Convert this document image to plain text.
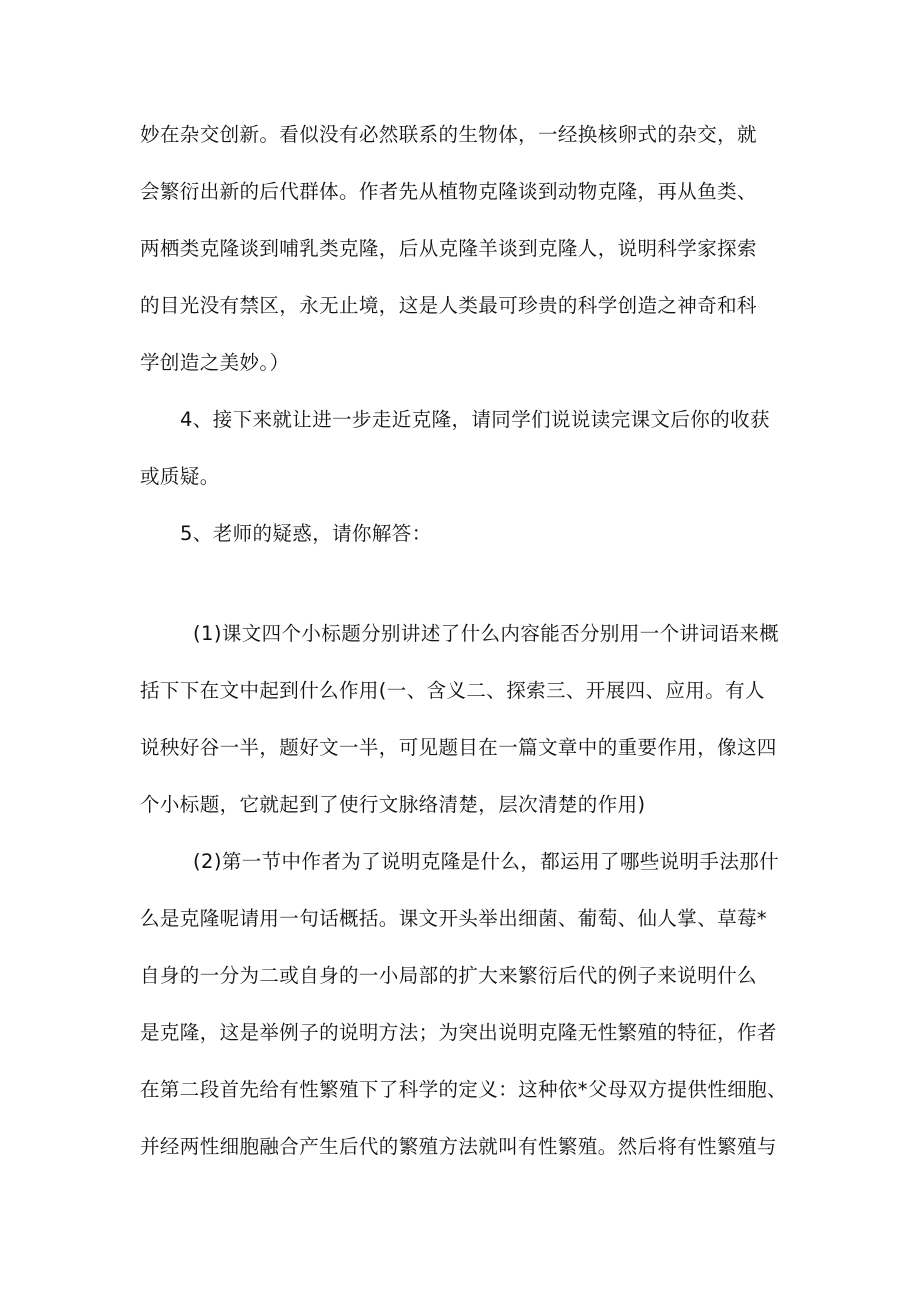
妙在杂交创新。看似没有必然联系的生物体，一经换核卵式的杂交，就
会繁衍出新的后代群体。作者先从植物克隆谈到动物克隆，再从鱼类、
两栖类克隆谈到哺乳类克隆，后从克隆羊谈到克隆人，说明科学家探索
的目光没有禁区，永无止境，这是人类最可珍贵的科学创造之神奇和科
学创造之美妙。）
4、接下来就让进一步走近克隆，请同学们说说读完课文后你的收获
或质疑。
5、老师的疑惑，请你解答：
(1)课文四个小标题分别讲述了什么内容能否分别用一个讲词语来概
括下下在文中起到什么作用(一、含义二、探索三、开展四、应用。有人
说秧好谷一半，题好文一半，可见题目在一篇文章中的重要作用，像这四
个小标题，它就起到了使行文脉络清楚，层次清楚的作用)
(2)第一节中作者为了说明克隆是什么，都运用了哪些说明手法那什
么是克隆呢请用一句话概括。课文开头举出细菌、葡萄、仙人掌、草莓*
自身的一分为二或自身的一小局部的扩大来繁衍后代的例子来说明什么
是克隆，这是举例子的说明方法；为突出说明克隆无性繁殖的特征，作者
在第二段首先给有性繁殖下了科学的定义：这种依*父母双方提供性细胞、
并经两性细胞融合产生后代的繁殖方法就叫有性繁殖。然后将有性繁殖与
